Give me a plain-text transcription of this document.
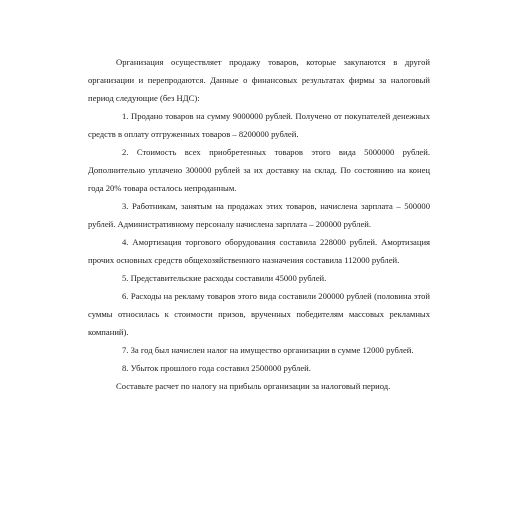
Организация осуществляет продажу товаров, которые закупаются в другой организации и перепродаются. Данные о финансовых результатах фирмы за налоговый период следующие (без НДС):

1. Продано товаров на сумму 9000000 рублей. Получено от покупателей денежных средств в оплату отгруженных товаров – 8200000 рублей.

2. Стоимость всех приобретенных товаров этого вида 5000000 рублей. Дополнительно уплачено 300000 рублей за их доставку на склад. По состоянию на конец года 20% товара осталось непроданным.

3. Работникам, занятым на продажах этих товаров, начислена зарплата – 500000 рублей. Административному персоналу начислена зарплата – 200000 рублей.

4. Амортизация торгового оборудования составила 228000 рублей. Амортизация прочих основных средств общехозяйственного назначения составила 112000 рублей.

5. Представительские расходы составили 45000 рублей.

6. Расходы на рекламу товаров этого вида составили 200000 рублей (половина этой суммы относилась к стоимости призов, врученных победителям массовых рекламных компаний).

7. За год был начислен налог на имущество организации в сумме 12000 рублей.

8. Убыток прошлого года составил 2500000 рублей.

Составьте расчет по налогу на прибыль организации за налоговый период.
